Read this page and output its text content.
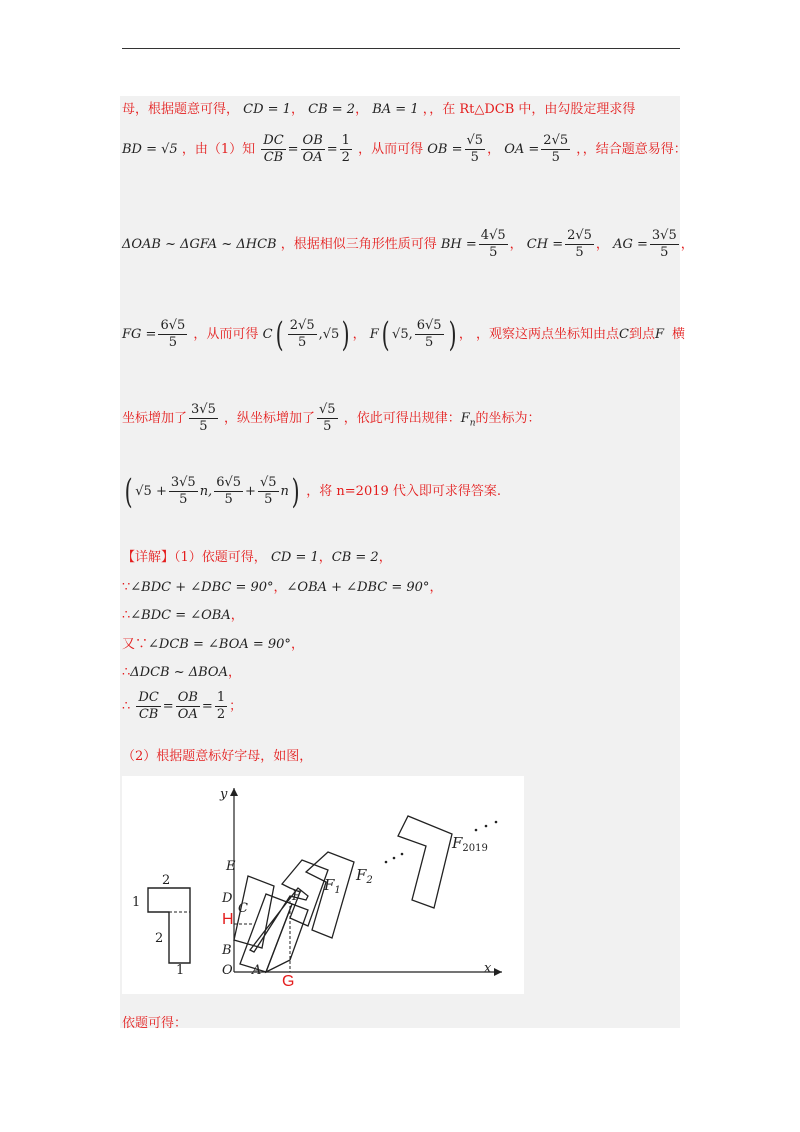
母，根据题意可得， CD = 1， CB = 2， BA = 1 ，，在 Rt△DCB 中，由勾股定理求得
BD = √5 ，由（1）知 $\frac{DC}{CB} = \frac{OB}{OA} = \frac{1}{2}$ ，从而可得 OB = $\frac{√5}{5}$ ， OA = $\frac{2√5}{5}$ ，，结合题意易得：
ΔOAB ~ ΔGFA ~ ΔHCB ，根据相似三角形性质可得 BH = $\frac{4√5}{5}$ ， CH = $\frac{2√5}{5}$ ， AG = $\frac{3√5}{5}$ ，
FG = $\frac{6√5}{5}$ ，从而可得 $C( \frac{2√5}{5} ,√5)$ ， F( √5, $\frac{6√5}{5}$ ) ， ，观察这两点坐标知由点C到点F 横
坐标增加了 $\frac{3√5}{5}$ ，纵坐标增加了 $\frac{√5}{5}$ ，依此可得出规律：$F_n$的坐标为：
( $√5 + \frac{3√5}{5} n$, $\frac{6√5}{5} + \frac{√5}{5} n$) ，将 n=2019 代入即可求得答案.
【详解】（1）依题可得， CD = 1，CB = 2，
∵∠BDC + ∠DBC = 90°，∠OBA + ∠DBC = 90°，
∴∠BDC = ∠OBA，
又∵∠DCB = ∠BOA = 90°，
∴ΔDCB ~ ΔBOA，
∴ $\frac{DC}{CB} = \frac{OB}{OA} = \frac{1}{2}$ ；
（2）根据题意标好字母，如图，
2
1
2
1
y
x
O A
B
C
D
E
H
G
F
$F_1$
$F_2$
$F_{2019}$
依题可得：
